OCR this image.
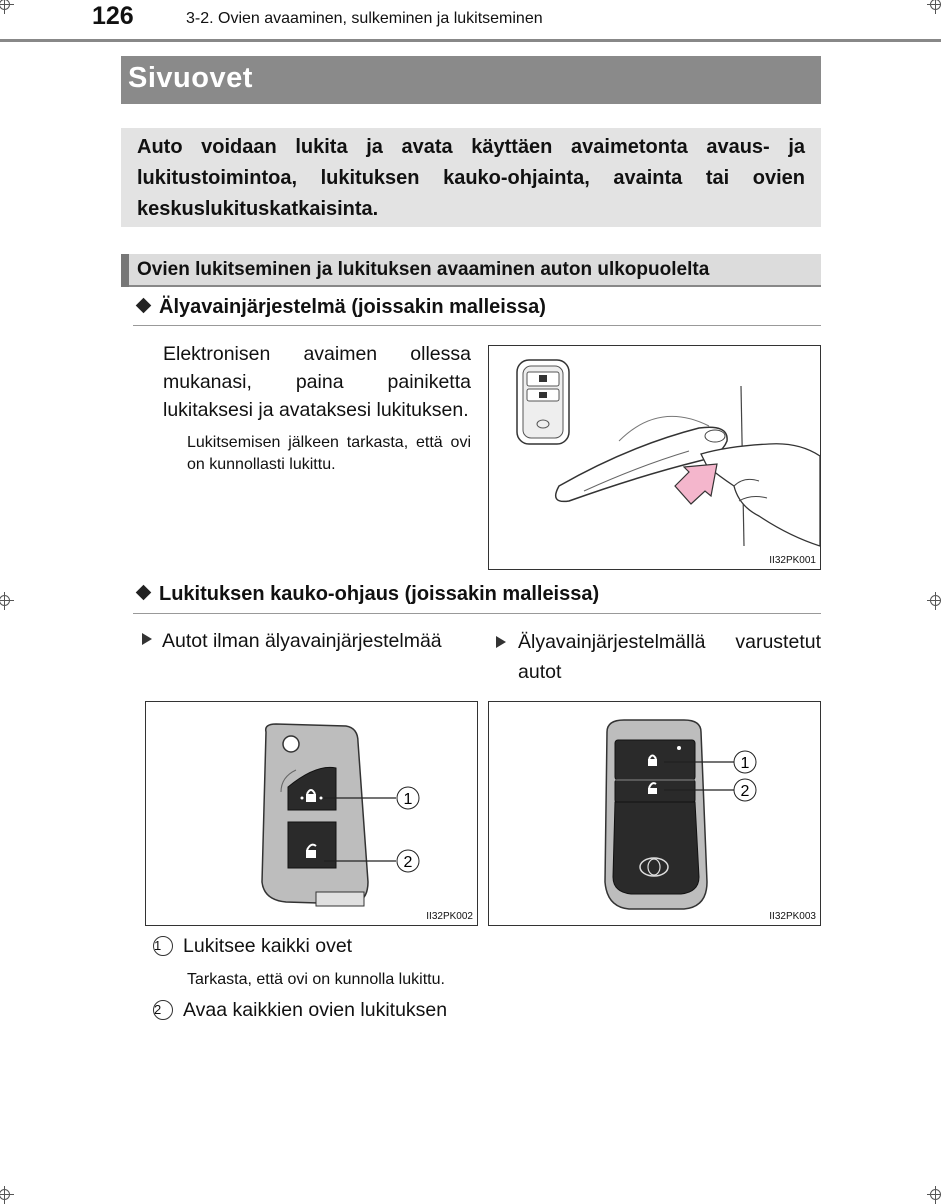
126	3-2. Ovien avaaminen, sulkeminen ja lukitseminen
Sivuovet

Auto voidaan lukita ja avata käyttäen avaimetonta avaus- ja lukitustoimintoa, lukituksen kauko-ohjainta, avainta tai ovien keskuslukituskatkaisinta.

Ovien lukitseminen ja lukituksen avaaminen auton ulkopuolelta
Älyavainjärjestelmä (joissakin malleissa)

Elektronisen avaimen ollessa mukanasi, paina painiketta lukitaksesi ja avataksesi lukituksen.

Lukitsemisen jälkeen tarkasta, että ovi on kunnollasti lukittu.

II32PK001
Lukituksen kauko-ohjaus (joissakin malleissa)
Autot ilman älyavainjärjestelmää	Älyavainjärjestelmällä varustetut autot

1
2
II32PK002
1
2
II32PK003
1 Lukitsee kaikki ovet
Tarkasta, että ovi on kunnolla lukittu.
2 Avaa kaikkien ovien lukituksen
